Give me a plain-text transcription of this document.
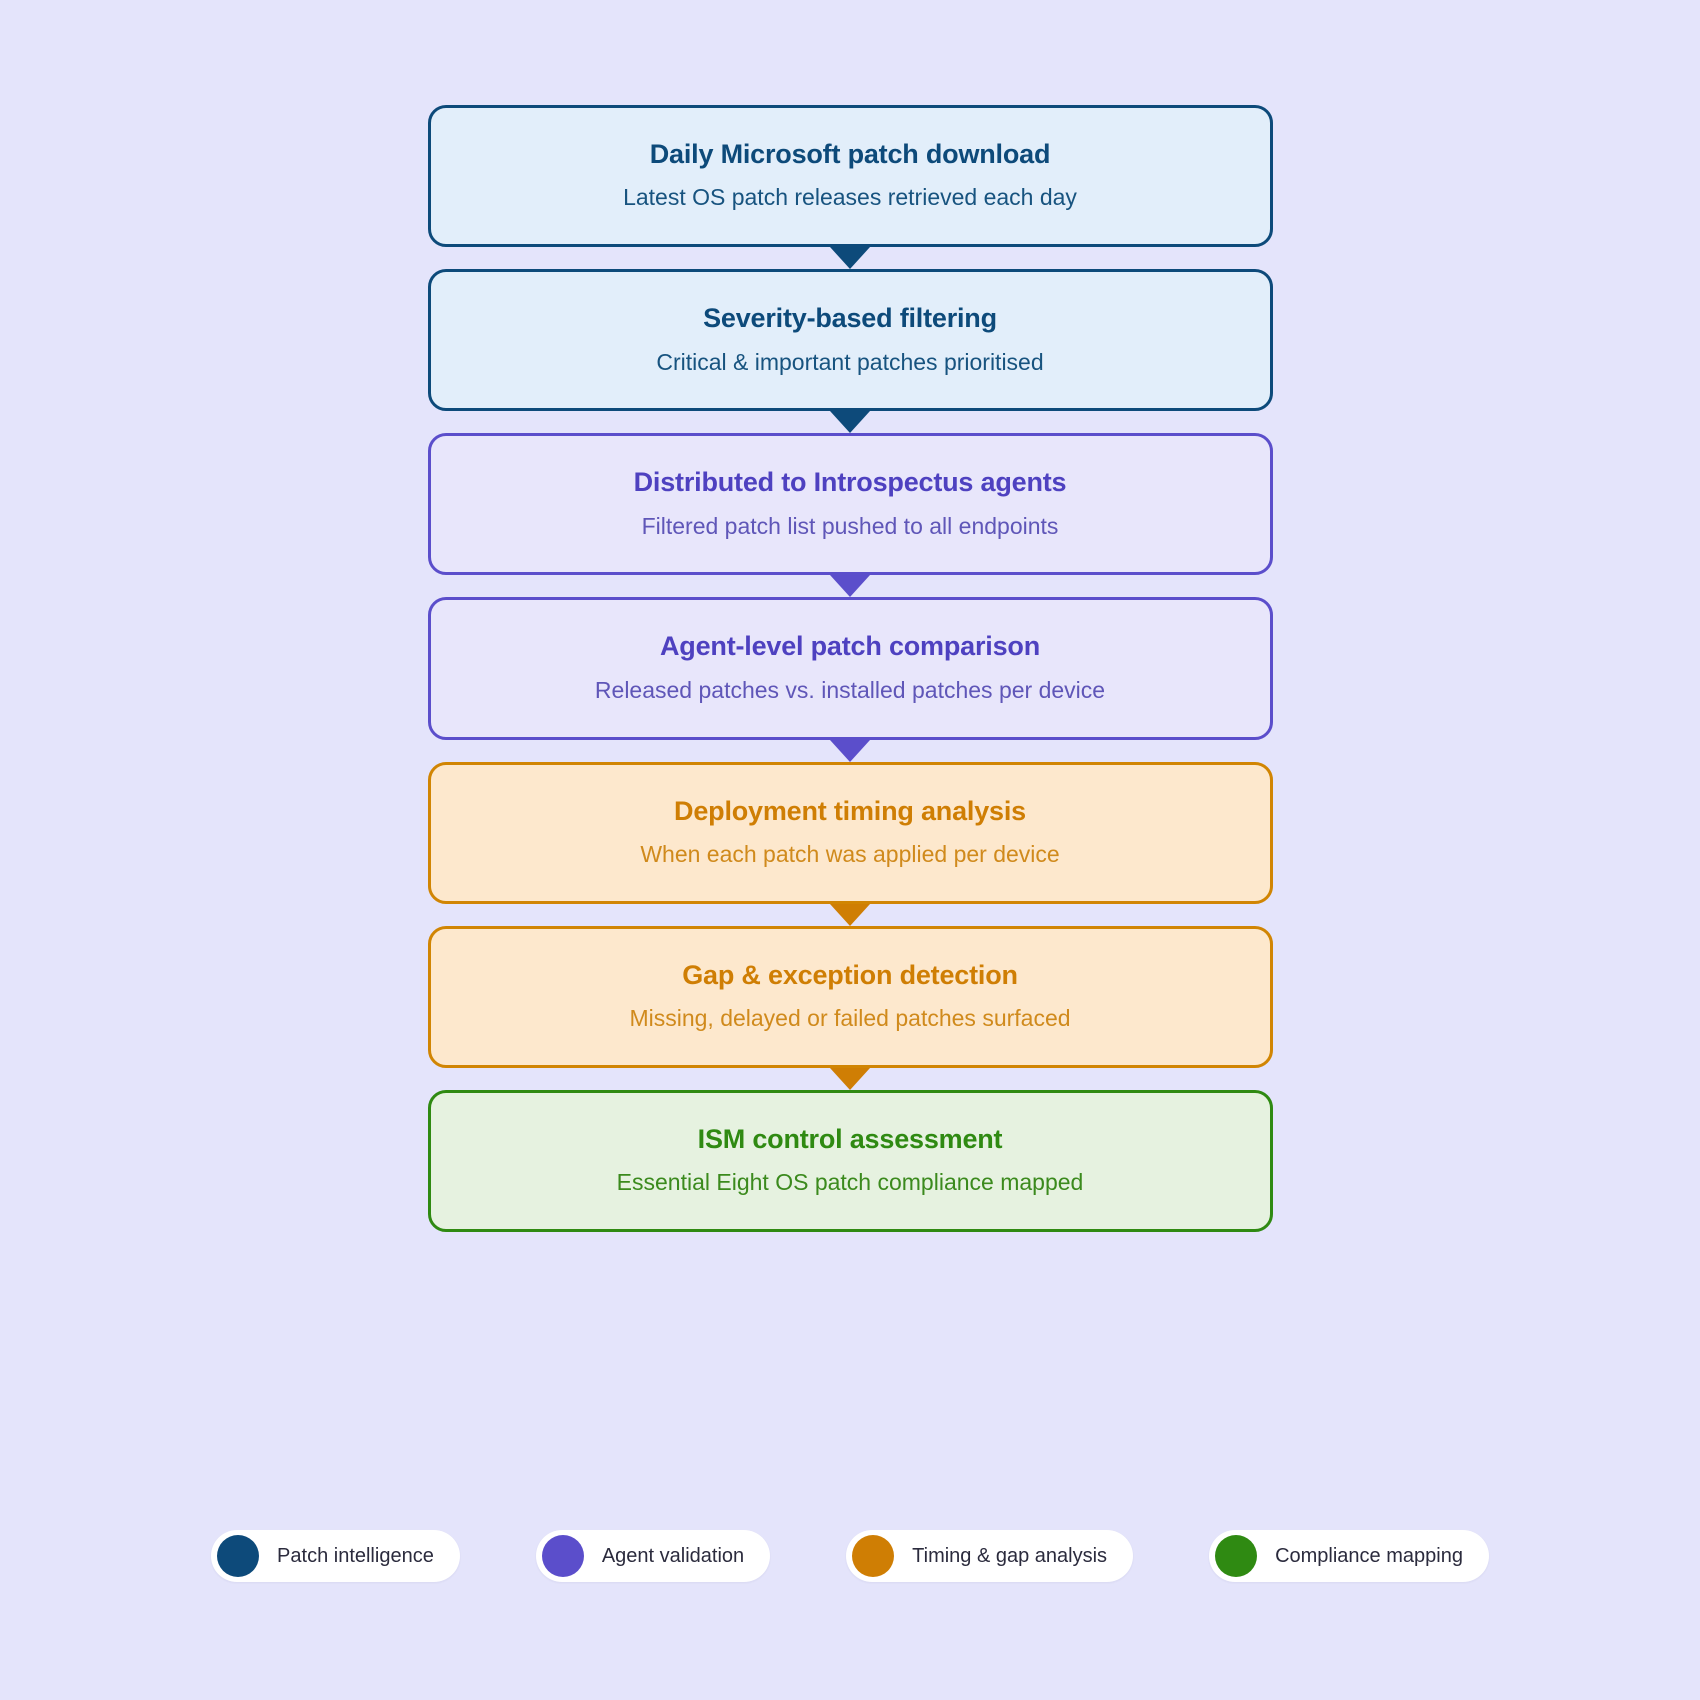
Daily Microsoft patch download
Latest OS patch releases retrieved each day
Severity-based filtering
Critical & important patches prioritised
Distributed to Introspectus agents
Filtered patch list pushed to all endpoints
Agent-level patch comparison
Released patches vs. installed patches per device
Deployment timing analysis
When each patch was applied per device
Gap & exception detection
Missing, delayed or failed patches surfaced
ISM control assessment
Essential Eight OS patch compliance mapped
Patch intelligence	Agent validation	Timing & gap analysis	Compliance mapping
